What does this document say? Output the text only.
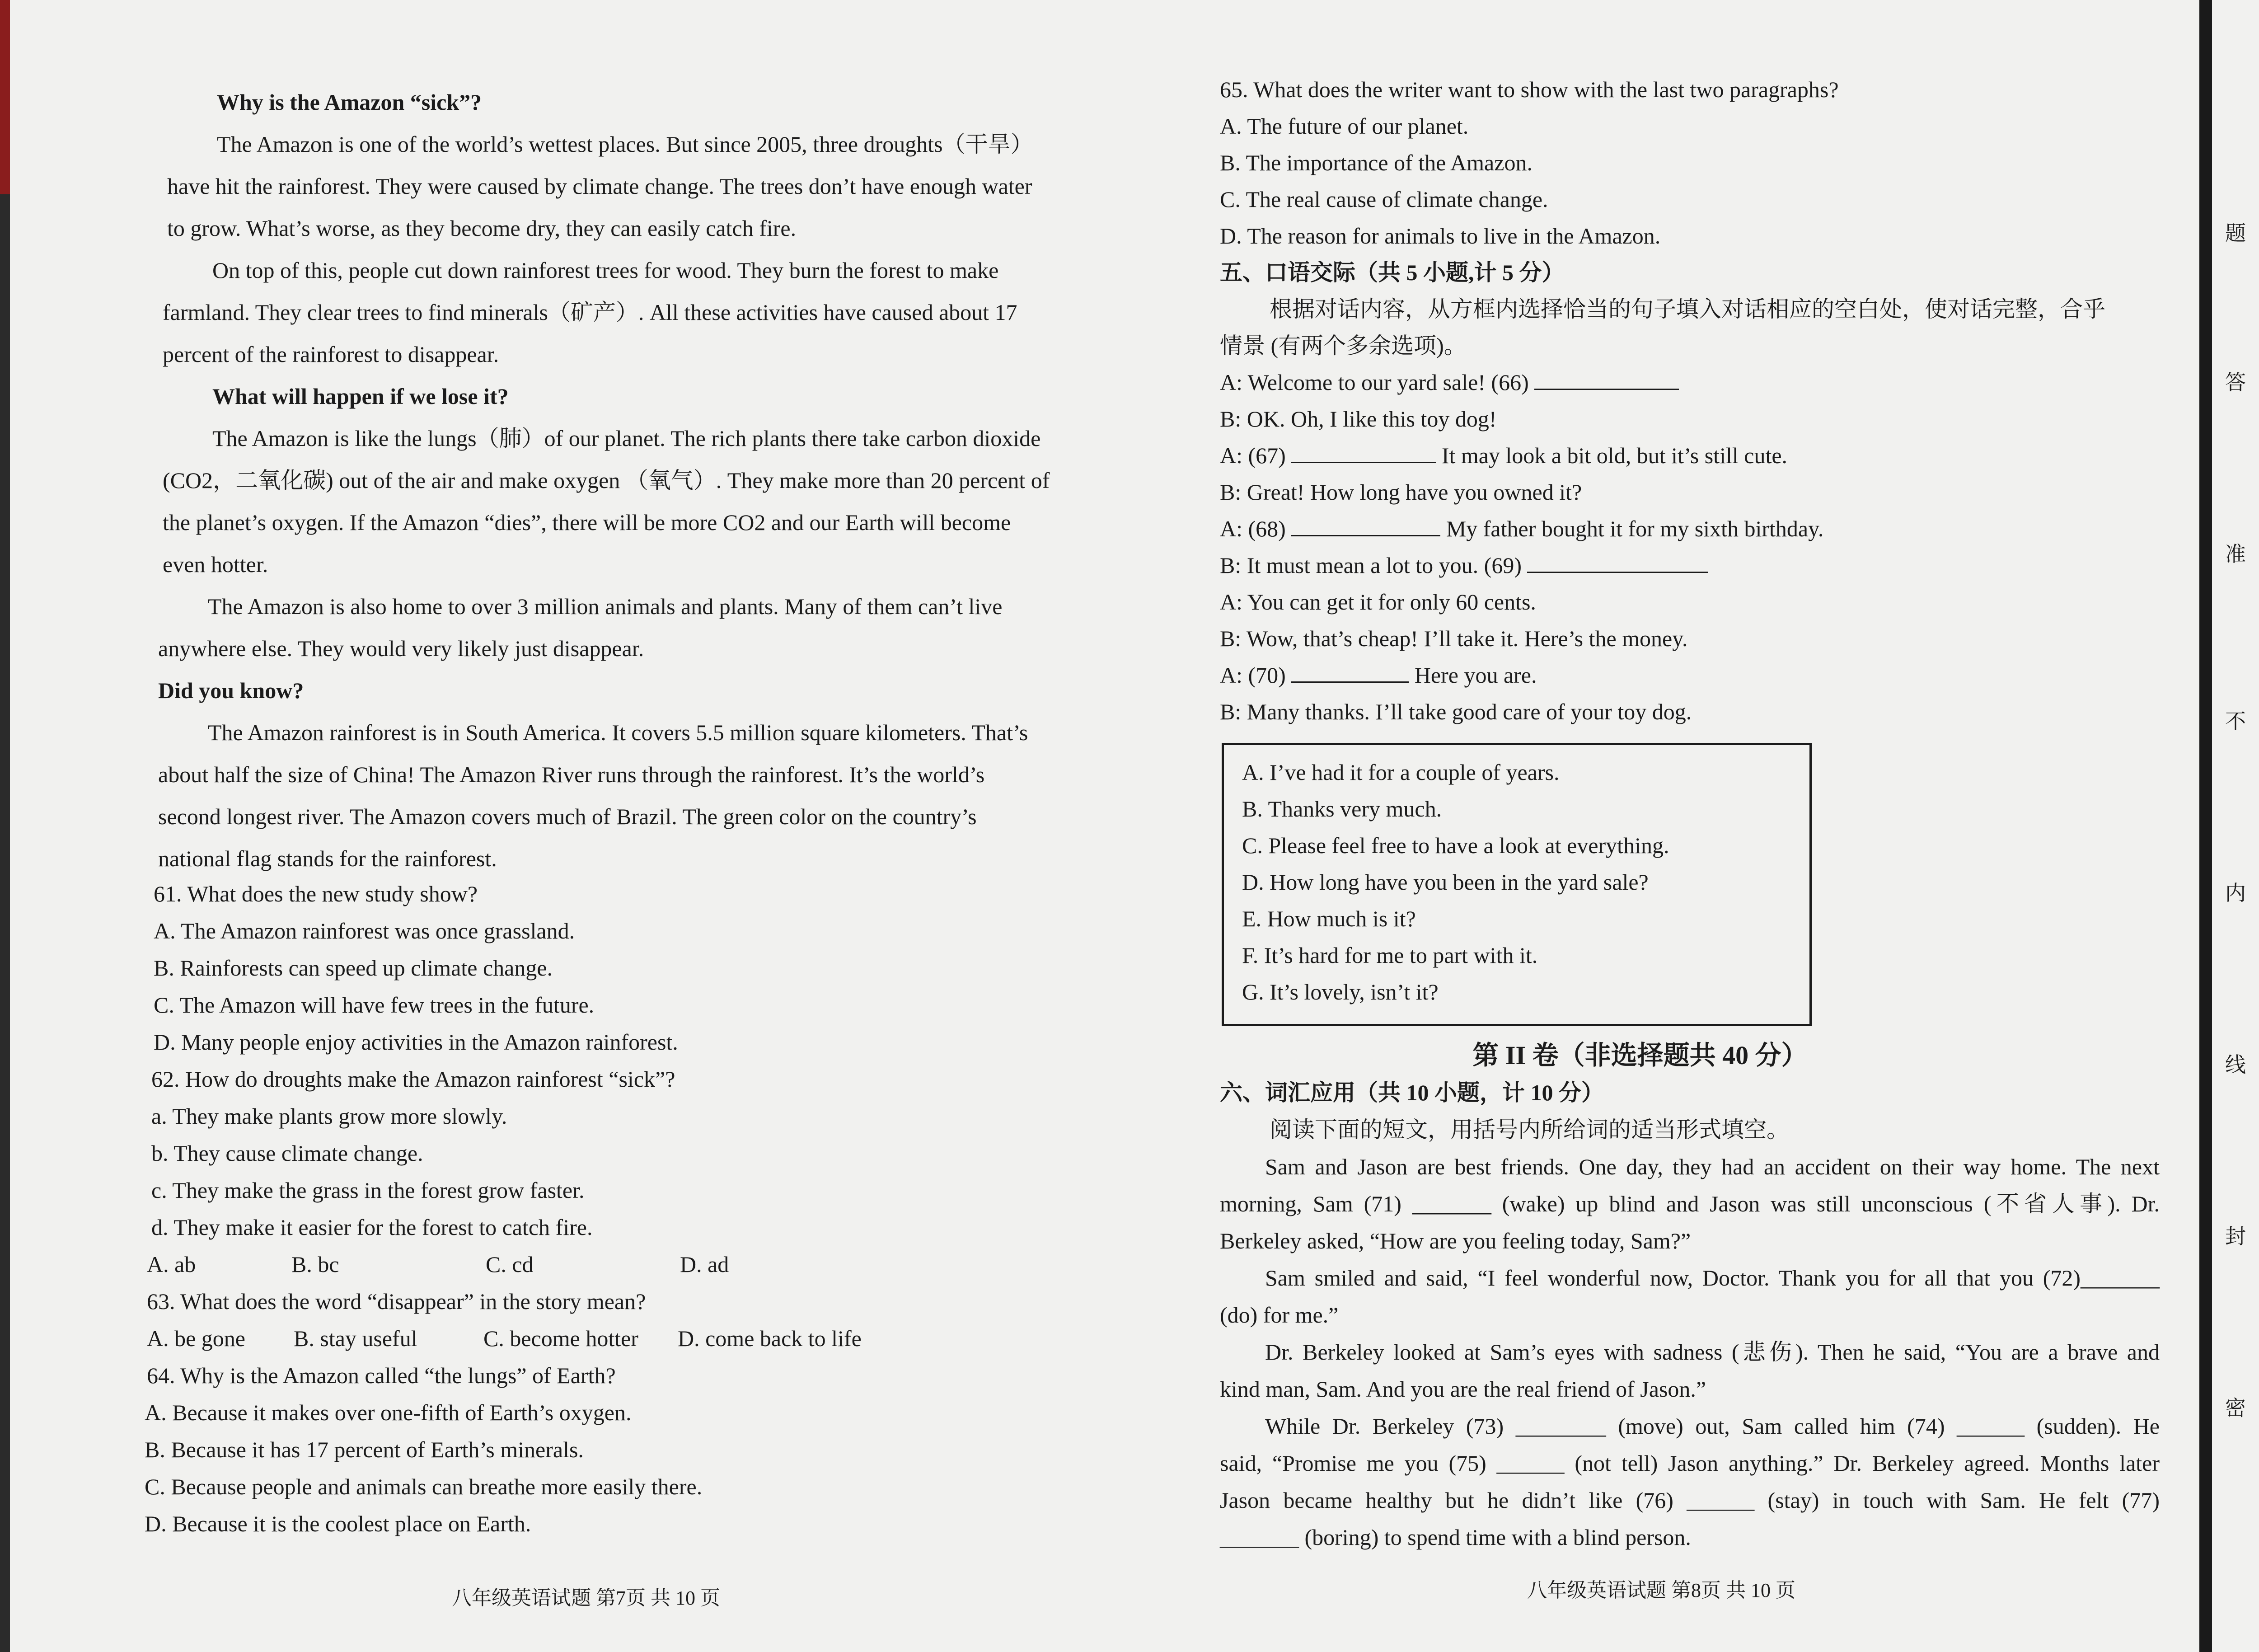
Why is the Amazon “sick”?

The Amazon is one of the world’s wettest places. But since 2005, three droughts（干旱）

have hit the rainforest. They were caused by climate change. The trees don’t have enough water

to grow. What’s worse, as they become dry, they can easily catch fire.

On top of this, people cut down rainforest trees for wood. They burn the forest to make

farmland. They clear trees to find minerals（矿产）. All these activities have caused about 17

percent of the rainforest to disappear.

What will happen if we lose it?

The Amazon is like the lungs（肺）of our planet. The rich plants there take carbon dioxide

(CO2，二氧化碳) out of the air and make oxygen （氧气）. They make more than 20 percent of

the planet’s oxygen. If the Amazon “dies”, there will be more CO2 and our Earth will become

even hotter.

The Amazon is also home to over 3 million animals and plants. Many of them can’t live

anywhere else. They would very likely just disappear.

Did you know?

The Amazon rainforest is in South America. It covers 5.5 million square kilometers. That’s

about half the size of China! The Amazon River runs through the rainforest. It’s the world’s

second longest river. The Amazon covers much of Brazil. The green color on the country’s

national flag stands for the rainforest.

61. What does the new study show?

A. The Amazon rainforest was once grassland.

B. Rainforests can speed up climate change.

C. The Amazon will have few trees in the future.

D. Many people enjoy activities in the Amazon rainforest.

62. How do droughts make the Amazon rainforest “sick”?

a. They make plants grow more slowly.

b. They cause climate change.

c. They make the grass in the forest grow faster.

d. They make it easier for the forest to catch fire.

A. ab	B. bc	C. cd	D. ad

63. What does the word “disappear” in the story mean?

A. be gone	B. stay useful	C. become hotter	D. come back to life

64. Why is the Amazon called “the lungs” of Earth?

A. Because it makes over one-fifth of Earth’s oxygen.

B. Because it has 17 percent of Earth’s minerals.

C. Because people and animals can breathe more easily there.

D. Because it is the coolest place on Earth.

八年级英语试题 第7页 共 10 页

65. What does the writer want to show with the last two paragraphs?

A. The future of our planet.

B. The importance of the Amazon.

C. The real cause of climate change.

D. The reason for animals to live in the Amazon.

五、口语交际（共 5 小题,计 5 分）

根据对话内容，从方框内选择恰当的句子填入对话相应的空白处，使对话完整，合乎

情景 (有两个多余选项)。

A: Welcome to our yard sale! (66)

B: OK. Oh, I like this toy dog!

A: (67)	It may look a bit old, but it’s still cute.

B: Great! How long have you owned it?

A: (68)	My father bought it for my sixth birthday.

B: It must mean a lot to you. (69)

A: You can get it for only 60 cents.

B: Wow, that’s cheap! I’ll take it. Here’s the money.

A: (70)	Here you are.

B: Many thanks. I’ll take good care of your toy dog.

A. I’ve had it for a couple of years.

B. Thanks very much.

C. Please feel free to have a look at everything.

D. How long have you been in the yard sale?

E. How much is it?

F. It’s hard for me to part with it.

G. It’s lovely, isn’t it?

第 II 卷（非选择题共 40 分）

六、词汇应用（共 10 小题，计 10 分）

阅读下面的短文，用括号内所给词的适当形式填空。

Sam and Jason are best friends. One day, they had an accident on their way home. The next

morning, Sam (71) _______ (wake) up blind and Jason was still unconscious (不省人事). Dr.

Berkeley asked, “How are you feeling today, Sam?”

Sam smiled and said, “I feel wonderful now, Doctor. Thank you for all that you (72)_______

(do) for me.”

Dr. Berkeley looked at Sam’s eyes with sadness (悲伤). Then he said, “You are a brave and

kind man, Sam. And you are the real friend of Jason.”

While Dr. Berkeley (73) ________ (move) out, Sam called him (74) ______ (sudden). He

said, “Promise me you (75) ______ (not tell) Jason anything.” Dr. Berkeley agreed. Months later

Jason became healthy but he didn’t like (76) ______ (stay) in touch with Sam. He felt (77)

_______ (boring) to spend time with a blind person.

八年级英语试题 第8页 共 10 页
题
答
准
不
内
线
封
密
